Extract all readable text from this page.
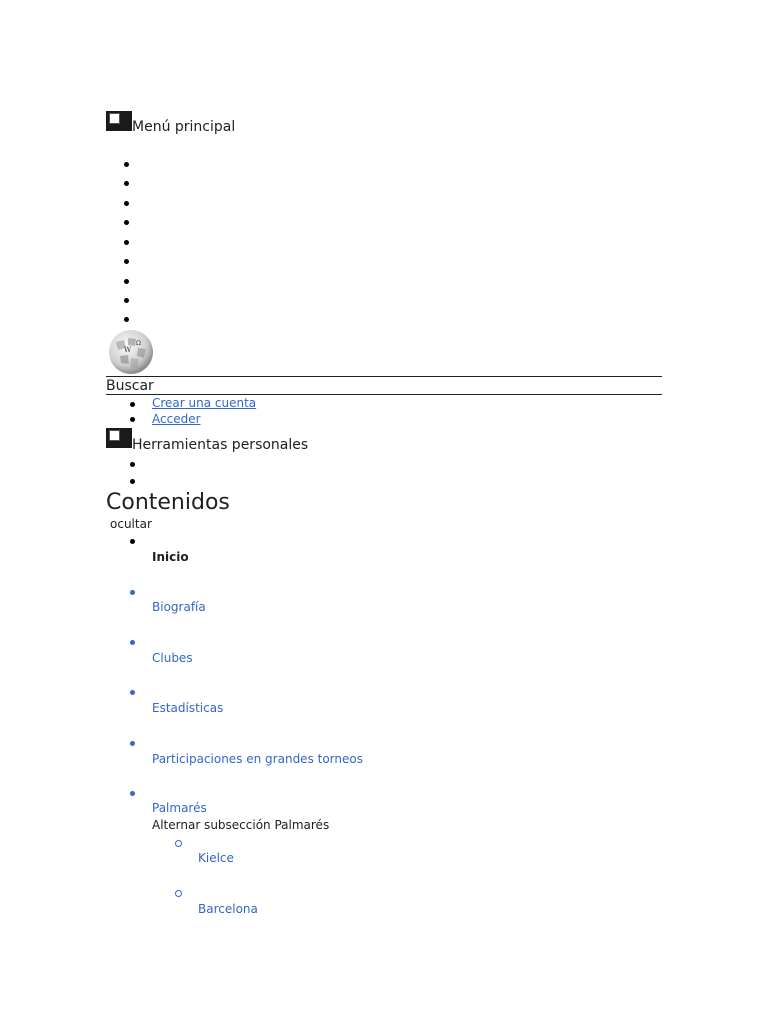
Menú principal
W
Ω
Buscar
Crear una cuenta
Acceder
Herramientas personales
Contenidos
ocultar
Inicio
Biografía
Clubes
Estadísticas
Participaciones en grandes torneos
Palmarés
Alternar subsección Palmarés
Kielce
Barcelona
